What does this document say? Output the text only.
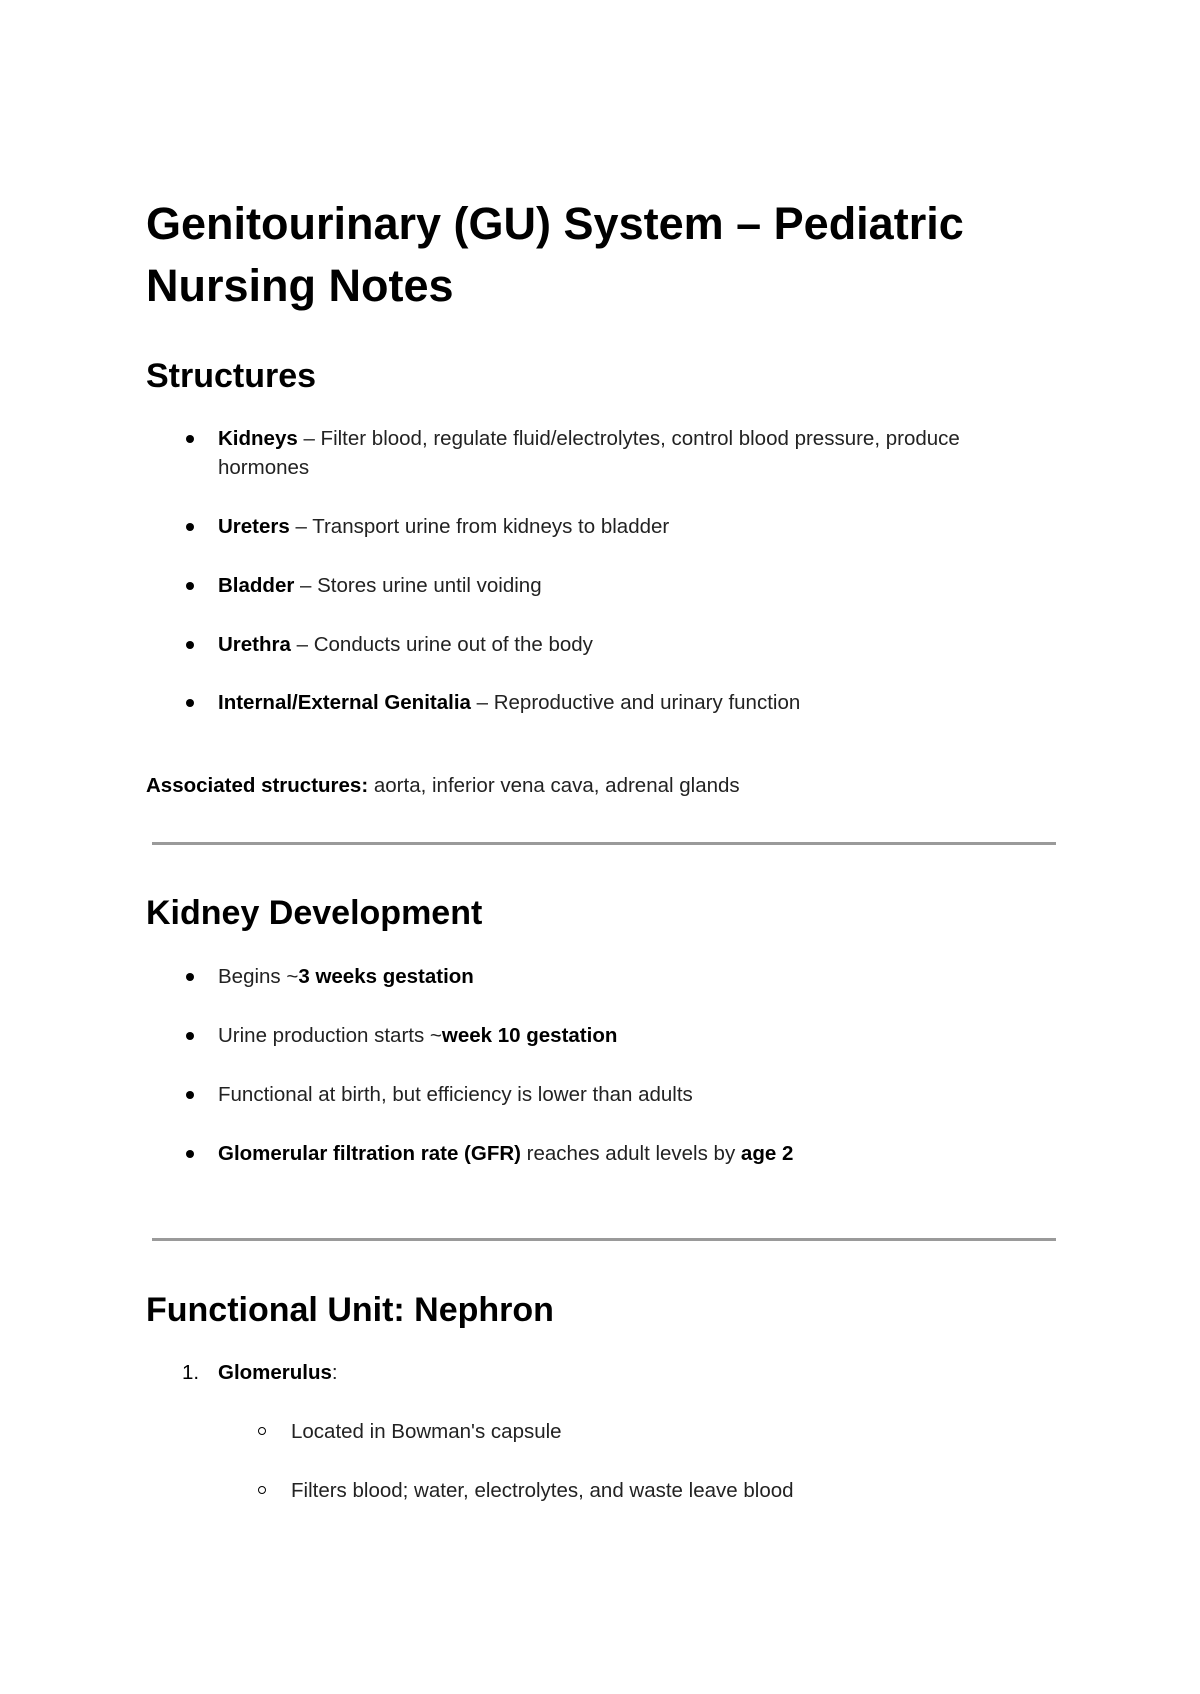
Genitourinary (GU) System – Pediatric Nursing Notes
Structures
Kidneys – Filter blood, regulate fluid/electrolytes, control blood pressure, produce hormones
Ureters – Transport urine from kidneys to bladder
Bladder – Stores urine until voiding
Urethra – Conducts urine out of the body
Internal/External Genitalia – Reproductive and urinary function

Associated structures: aorta, inferior vena cava, adrenal glands

Kidney Development
Begins ~3 weeks gestation
Urine production starts ~week 10 gestation
Functional at birth, but efficiency is lower than adults
Glomerular filtration rate (GFR) reaches adult levels by age 2
Functional Unit: Nephron
1. Glomerulus:
Located in Bowman's capsule
Filters blood; water, electrolytes, and waste leave blood
